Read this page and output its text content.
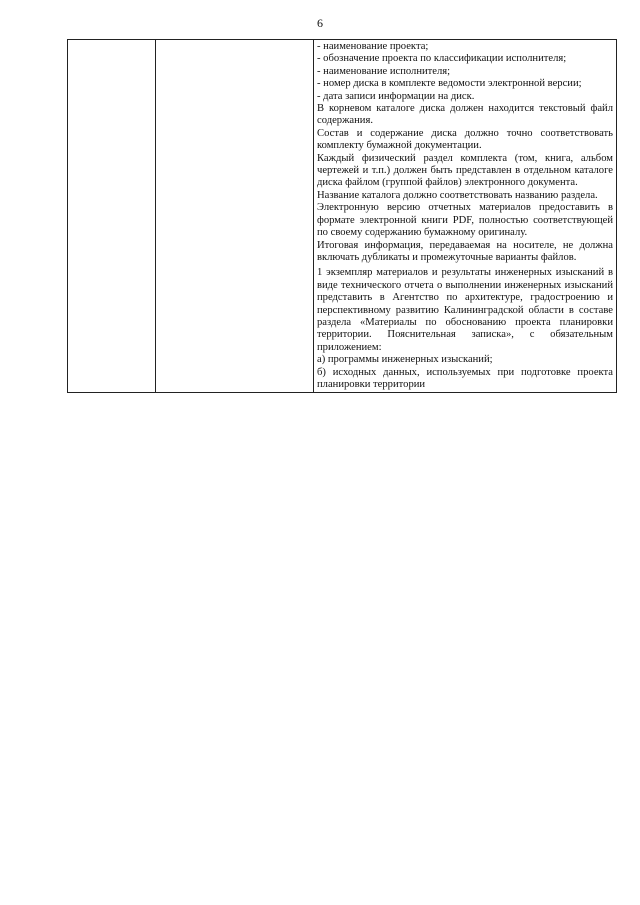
6

- наименование проекта;

- обозначение проекта по классификации исполнителя;

- наименование исполнителя;

- номер диска в комплекте ведомости электронной версии;

- дата записи информации на диск.

В корневом каталоге диска должен находится текстовый файл содержания.

Состав и содержание диска должно точно соответствовать комплекту бумажной документации.

Каждый физический раздел комплекта (том, книга, альбом чертежей и т.п.) должен быть представлен в отдельном каталоге диска файлом (группой файлов) электронного документа.

Название каталога должно соответствовать названию раздела.

Электронную версию отчетных материалов предоставить в формате электронной книги PDF, полностью соответствующей по своему содержанию бумажному оригиналу.

Итоговая информация, передаваемая на носителе, не должна включать дубликаты и промежуточные варианты файлов.

1 экземпляр материалов и результаты инженерных изысканий в виде технического отчета о выполнении инженерных изысканий представить в Агентство по архитектуре, градостроению и перспективному развитию Калининградской области в составе раздела «Материалы по обоснованию проекта планировки территории. Пояснительная записка», с обязательным приложением:

а) программы инженерных изысканий;

б) исходных данных, используемых при подготовке проекта планировки территории
